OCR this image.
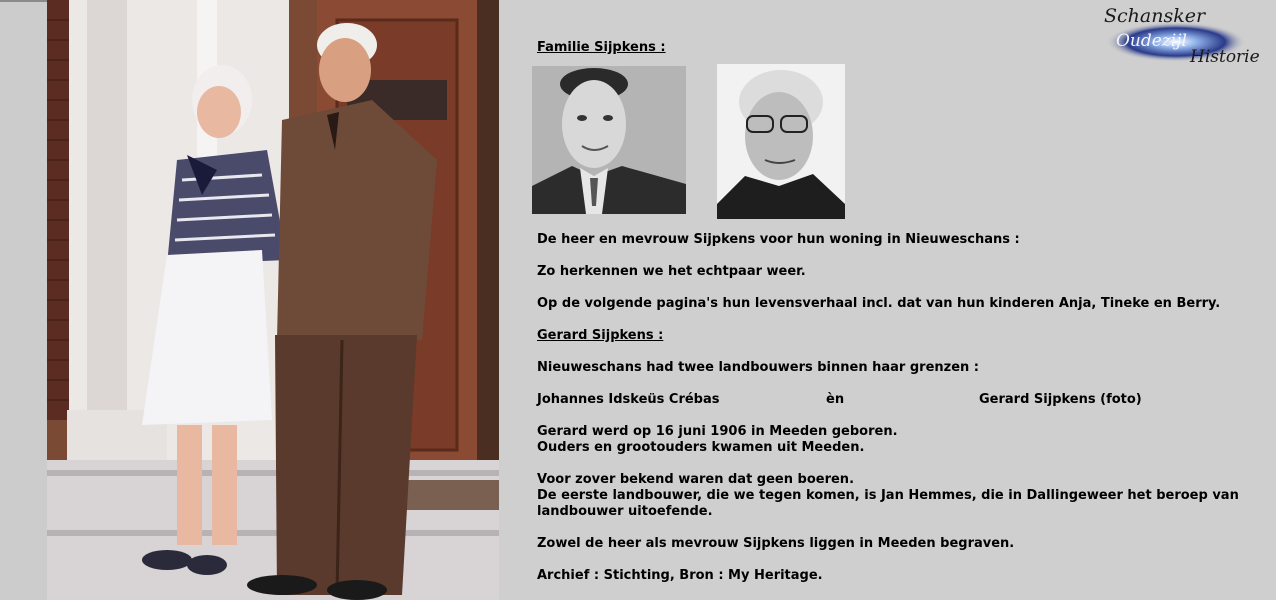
Schansker
Oudezijl
Historie
Familie Sijpkens :
De heer en mevrouw Sijpkens voor hun woning in Nieuweschans :
Zo herkennen we het echtpaar weer.
Op de volgende pagina's hun levensverhaal incl. dat van hun kinderen Anja, Tineke en Berry.
Gerard Sijpkens :
Nieuweschans had twee landbouwers binnen haar grenzen :
Johannes Idskeüs Crébas	èn	Gerard Sijpkens (foto)
Gerard werd op 16 juni 1906 in Meeden geboren.
Ouders en grootouders kwamen uit Meeden.
Voor zover bekend waren dat geen boeren.
De eerste landbouwer, die we tegen komen, is Jan Hemmes, die in Dallingeweer het beroep van
landbouwer uitoefende.
Zowel de heer als mevrouw Sijpkens liggen in Meeden begraven.
Archief : Stichting, Bron : My Heritage.
